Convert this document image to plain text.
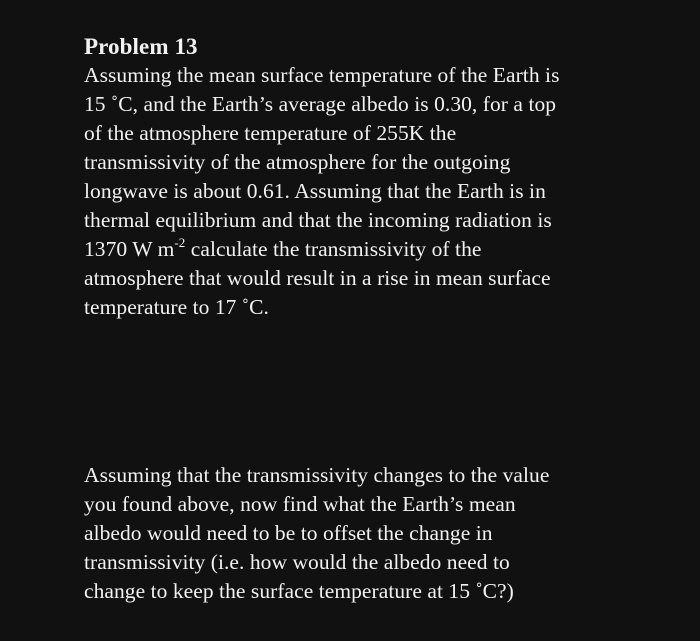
Problem 13

Assuming the mean surface temperature of the Earth is
15 ˚C, and the Earth’s average albedo is 0.30, for a top
of the atmosphere temperature of 255K the
transmissivity of the atmosphere for the outgoing
longwave is about 0.61. Assuming that the Earth is in
thermal equilibrium and that the incoming radiation is
1370 W $m^{-2}$ calculate the transmissivity of the
atmosphere that would result in a rise in mean surface
temperature to 17 ˚C.

Assuming that the transmissivity changes to the value
you found above, now find what the Earth’s mean
albedo would need to be to offset the change in
transmissivity (i.e. how would the albedo need to
change to keep the surface temperature at 15 ˚C?)
